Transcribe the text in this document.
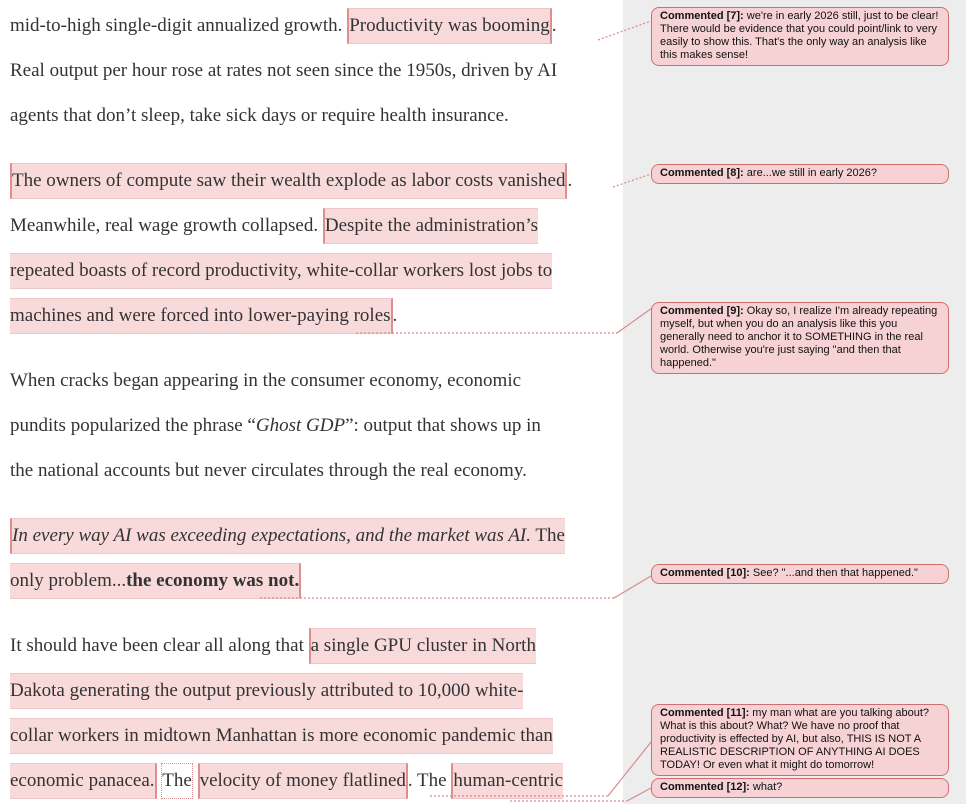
mid-to-high single-digit annualized growth. Productivity was booming .
Real output per hour rose at rates not seen since the 1950s, driven by AI
agents that don’t sleep, take sick days or require health insurance.
The owners of compute saw their wealth explode as labor costs vanished .
Meanwhile, real wage growth collapsed. Despite the administration’s
repeated boasts of record productivity, white-collar workers lost jobs to
machines and were forced into lower-paying roles .
When cracks began appearing in the consumer economy, economic
pundits popularized the phrase “Ghost GDP”: output that shows up in
the national accounts but never circulates through the real economy.
In every way AI was exceeding expectations, and the market was AI. The
only problem...the economy was not.
It should have been clear all along that a single GPU cluster in North
Dakota generating the output previously attributed to 10,000 white-
collar workers in midtown Manhattan is more economic pandemic than
economic panacea. The velocity of money flatlined . The human-centric
Commented [7]: we're in early 2026 still, just to be clear! There would be evidence that you could point/link to very easily to show this. That's the only way an analysis like this makes sense!
Commented [8]: are...we still in early 2026?
Commented [9]: Okay so, I realize I'm already repeating myself, but when you do an analysis like this you generally need to anchor it to SOMETHING in the real world. Otherwise you're just saying "and then that happened."
Commented [10]: See? "...and then that happened."
Commented [11]: my man what are you talking about? What is this about? What? We have no proof that productivity is effected by AI, but also, THIS IS NOT A REALISTIC DESCRIPTION OF ANYTHING AI DOES TODAY! Or even what it might do tomorrow!
Commented [12]: what?
